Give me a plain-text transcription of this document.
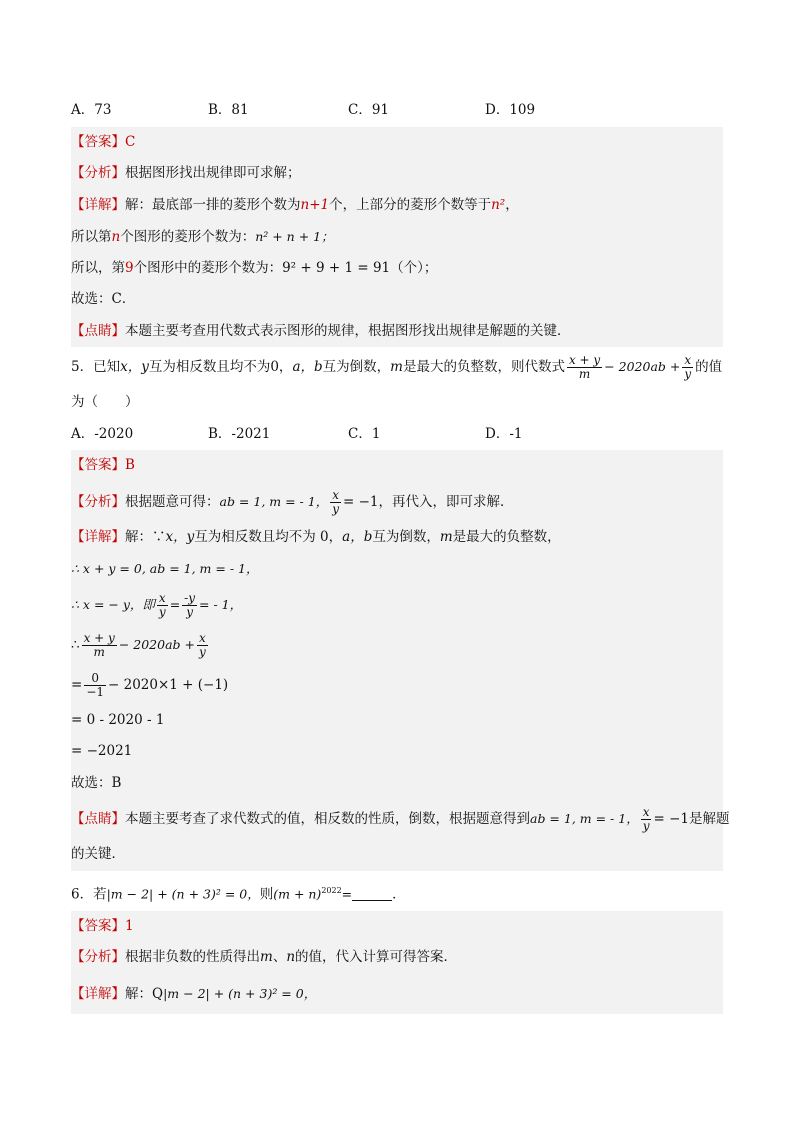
A．73	B．81	C．91	D．109
【答案】C
【分析】根据图形找出规律即可求解；
【详解】解：最底部一排的菱形个数为n+1个，上部分的菱形个数等于n²，
所以第n个图形的菱形个数为：n² + n + 1；
所以，第9个图形中的菱形个数为：9² + 9 + 1 = 91（个）；
故选：C．
【点睛】本题主要考查用代数式表示图形的规律，根据图形找出规律是解题的关键．
5．已知x，y互为相反数且均不为0，a，b互为倒数，m是最大的负整数，则代数式 $\frac{x + y}{m} - 2020ab + \frac{x}{y}$ 的值
为（　　）
A．-2020	B．-2021	C．1	D．-1
【答案】B
【分析】根据题意可得：ab = 1, m = - 1， $\frac{x}{y} = -1$，再代入，即可求解．
【详解】解：∵x，y互为相反数且均不为 0，a，b互为倒数，m是最大的负整数，
∴ x + y = 0, ab = 1, m = - 1，
∴ x = − y，即 $\frac{x}{y} = \frac{-y}{y}$ = - 1，
∴ $\frac{x + y}{m} - 2020ab + \frac{x}{y}$
= $\frac{0}{-1} - 2020\times 1 + (-1)$
= 0 - 2020 - 1
= −2021
故选：B
【点睛】本题主要考查了求代数式的值，相反数的性质，倒数，根据题意得到ab = 1, m = - 1， $\frac{x}{y} = -1$是解题
的关键．
6．若|m − 2| + (n + 3)² = 0，则$(m + n)^{2022}=$	．
【答案】1
【分析】根据非负数的性质得出m、n的值，代入计算可得答案．
【详解】解：Q|m − 2| + (n + 3)² = 0，
